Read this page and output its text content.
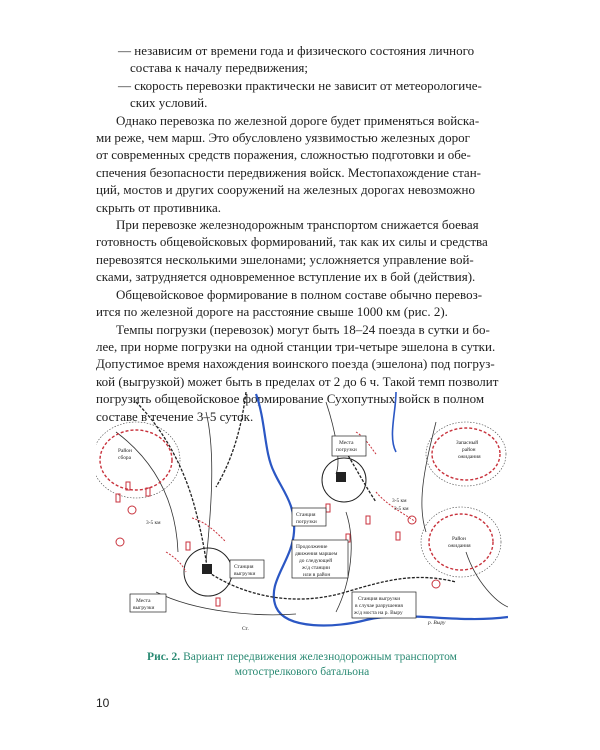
— независим от времени года и физического состояния личного

состава к началу передвижения;

— скорость перевозки практически не зависит от метеорологиче-

ских условий.

Однако перевозка по железной дороге будет применяться войска-

ми реже, чем марш. Это обусловлено уязвимостью железных дорог

от современных средств поражения, сложностью подготовки и обе-

спечения безопасности передвижения войск. Местопахождение стан-

ций, мостов и других сооружений на железных дорогах невозможно

скрыть от противника.

При перевозке железнодорожным транспортом снижается боевая

готовность общевойсковых формирований, так как их силы и средства

перевозятся несколькими эшелонами; усложняется управление вой-

сками, затрудняется одновременное вступление их в бой (действия).

Общевойсковое формирование в полном составе обычно перевоз-

ится по железной дороге на расстояние свыше 1000 км (рис. 2).

Темпы погрузки (перевозок) могут быть 18–24 поезда в сутки и бо-

лее, при норме погрузки на одной станции три-четыре эшелона в сутки.

Допустимое время нахождения воинского поезда (эшелона) под погруз-

кой (выгрузкой) может быть в пределах от 2 до 6 ч. Такой темп позволит

погрузить общевойсковое формирование Сухопутных войск в полном

составе в течение 3–5 суток.

Район
сбора
Места
погрузки
Запасный
район
ожидания
Станция
погрузки
Район
ожидания
Станция
выгрузки
Продолжение
движения маршем
до следующей
ж/д станции
или в район
Места
выгрузки
Станция выгрузки
в случае разрушения
ж/д моста на р. Выру
р. Выру
3-5 км
3-5 км
3-5 км
Ст.
Рис. 2. Вариант передвижения железнодорожным транспортом
мотострелкового батальона
10
